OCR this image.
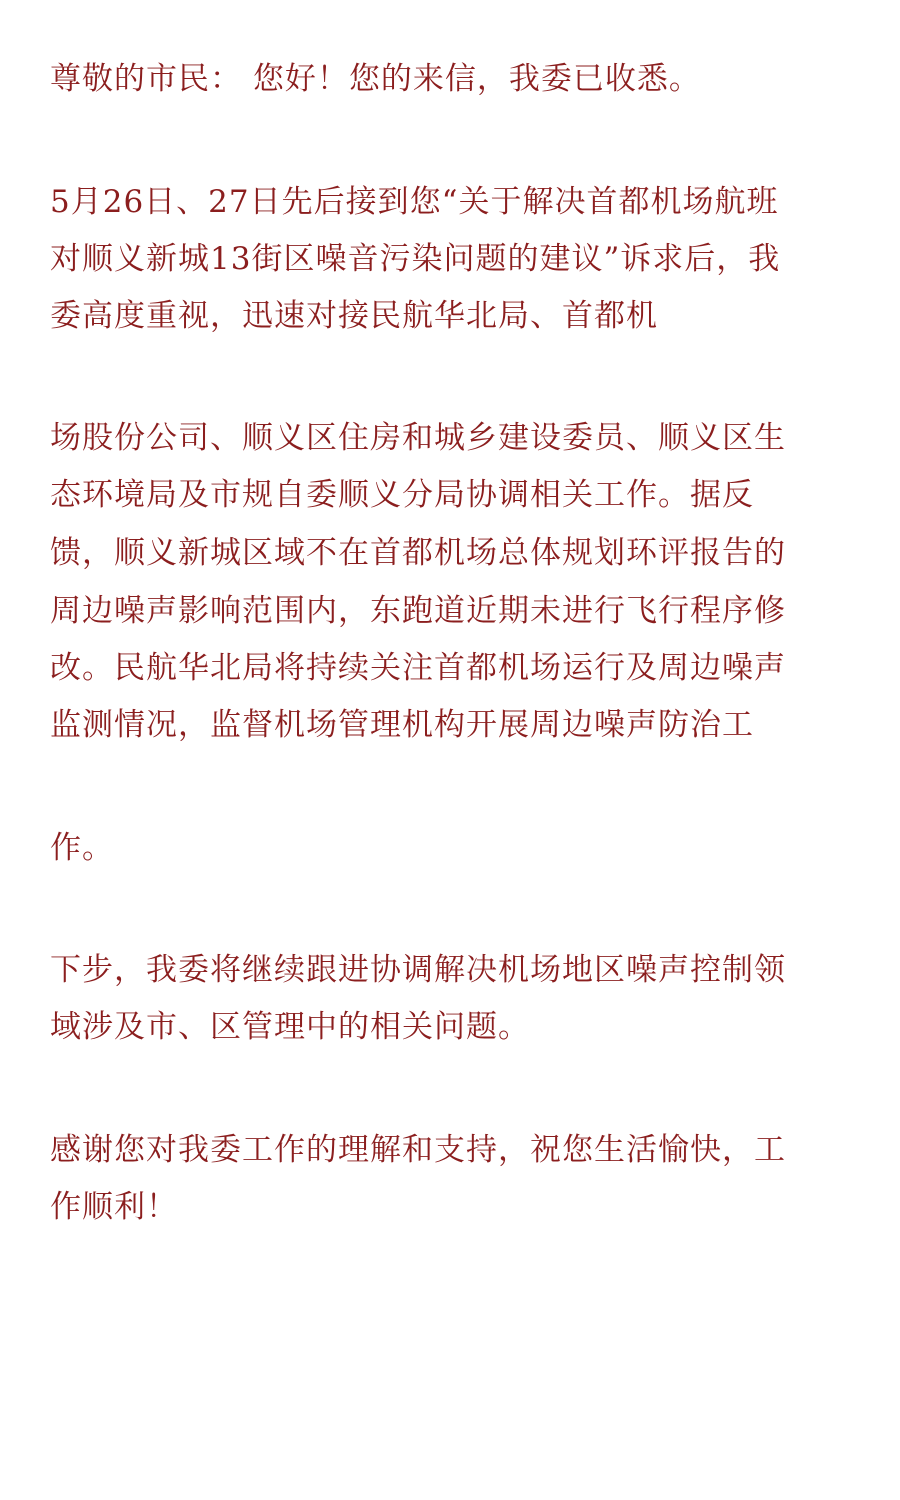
尊敬的市民： 您好！您的来信，我委已收悉。
5月26日、27日先后接到您“关于解决首都机场航班
对顺义新城13街区噪音污染问题的建议”诉求后，我
委高度重视，迅速对接民航华北局、首都机
场股份公司、顺义区住房和城乡建设委员、顺义区生
态环境局及市规自委顺义分局协调相关工作。据反
馈，顺义新城区域不在首都机场总体规划环评报告的
周边噪声影响范围内，东跑道近期未进行飞行程序修
改。民航华北局将持续关注首都机场运行及周边噪声
监测情况，监督机场管理机构开展周边噪声防治工
作。
下步，我委将继续跟进协调解决机场地区噪声控制领
域涉及市、区管理中的相关问题。
感谢您对我委工作的理解和支持，祝您生活愉快，工
作顺利！
